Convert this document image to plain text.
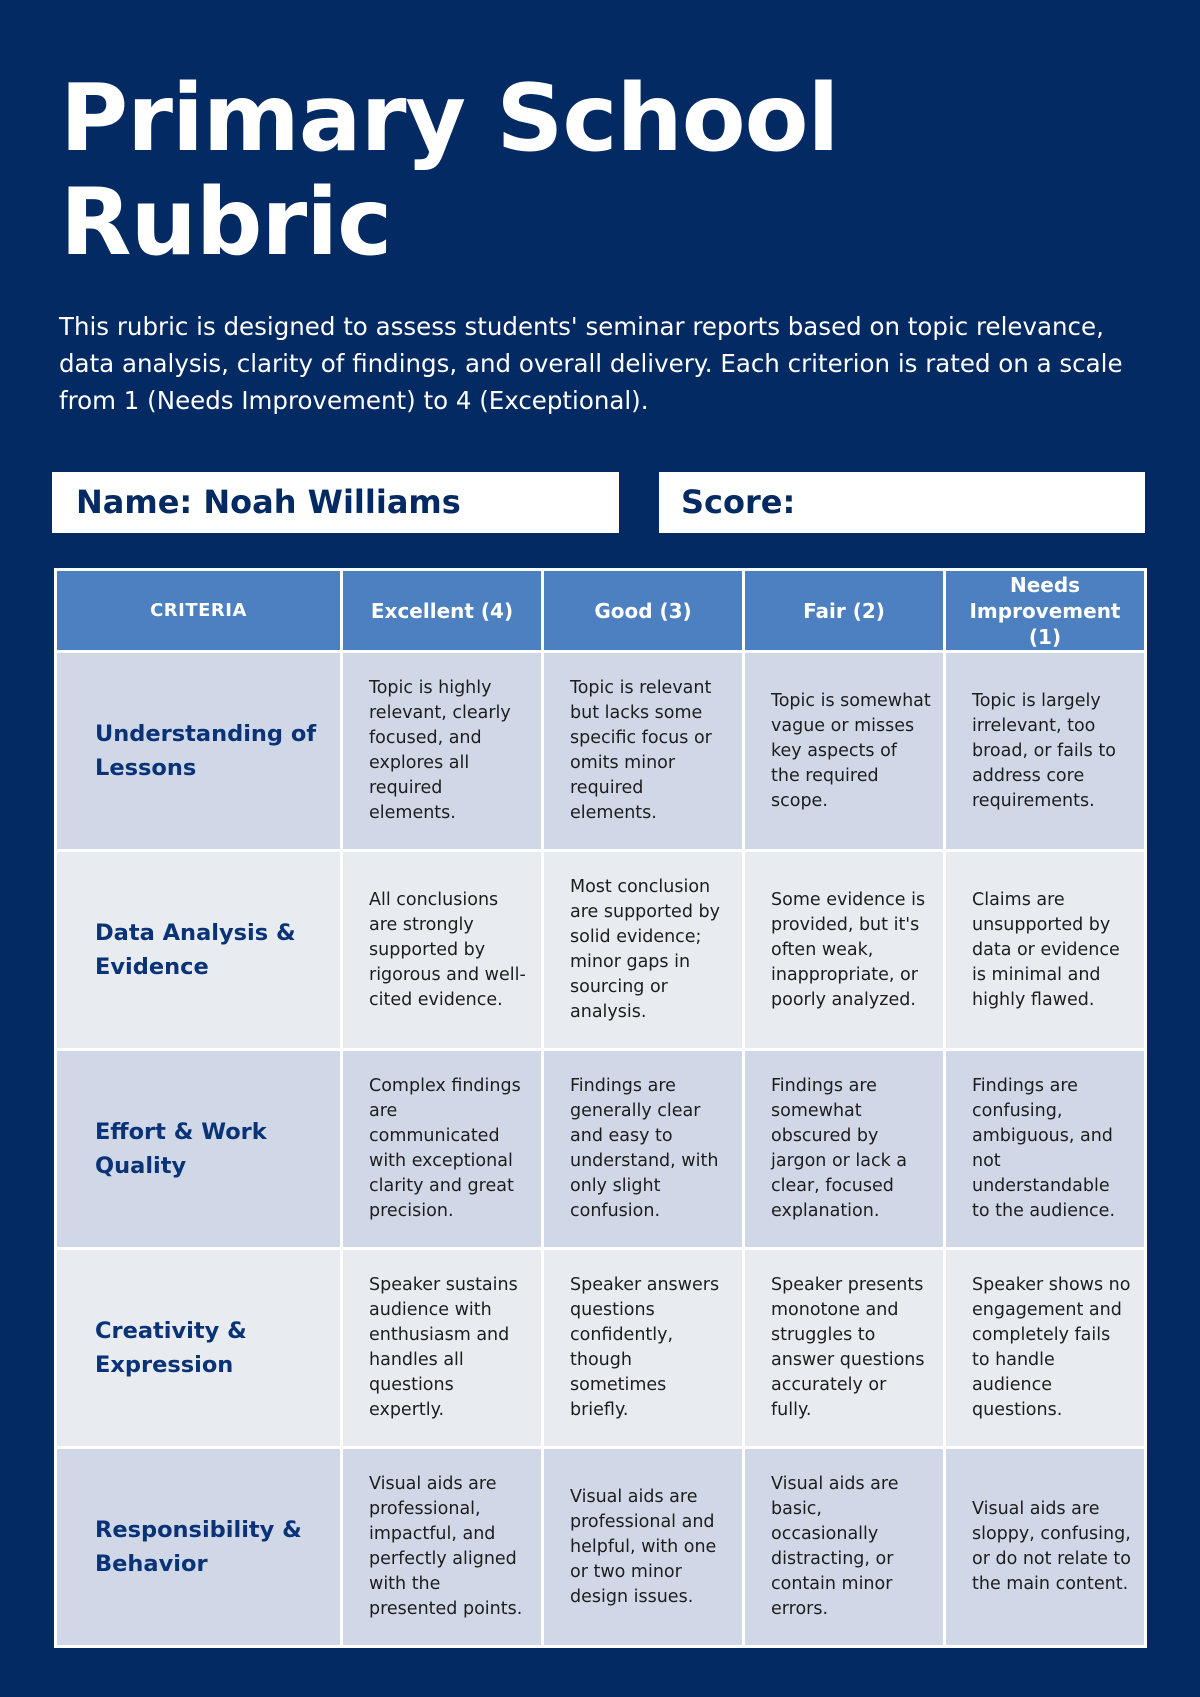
Primary School Rubric

This rubric is designed to assess students' seminar reports based on topic relevance, data analysis, clarity of findings, and overall delivery. Each criterion is rated on a scale from 1 (Needs Improvement) to 4 (Exceptional).

Name: Noah Williams	Score:
CRITERIA	Excellent (4)	Good (3)	Fair (2)	Needs Improvement (1)
Understanding of Lessons	Topic is highly relevant, clearly focused, and explores all required elements.	Topic is relevant but lacks some specific focus or omits minor required elements.	Topic is somewhat vague or misses key aspects of the required scope.	Topic is largely irrelevant, too broad, or fails to address core requirements.
Data Analysis & Evidence	All conclusions are strongly supported by rigorous and well-cited evidence.	Most conclusion are supported by solid evidence; minor gaps in sourcing or analysis.	Some evidence is provided, but it's often weak, inappropriate, or poorly analyzed.	Claims are unsupported by data or evidence is minimal and highly flawed.
Effort & Work Quality	Complex findings are communicated with exceptional clarity and great precision.	Findings are generally clear and easy to understand, with only slight confusion.	Findings are somewhat obscured by jargon or lack a clear, focused explanation.	Findings are confusing, ambiguous, and not understandable to the audience.
Creativity & Expression	Speaker sustains audience with enthusiasm and handles all questions expertly.	Speaker answers questions confidently, though sometimes briefly.	Speaker presents monotone and struggles to answer questions accurately or fully.	Speaker shows no engagement and completely fails to handle audience questions.
Responsibility & Behavior	Visual aids are professional, impactful, and perfectly aligned with the presented points.	Visual aids are professional and helpful, with one or two minor design issues.	Visual aids are basic, occasionally distracting, or contain minor errors.	Visual aids are sloppy, confusing, or do not relate to the main content.
